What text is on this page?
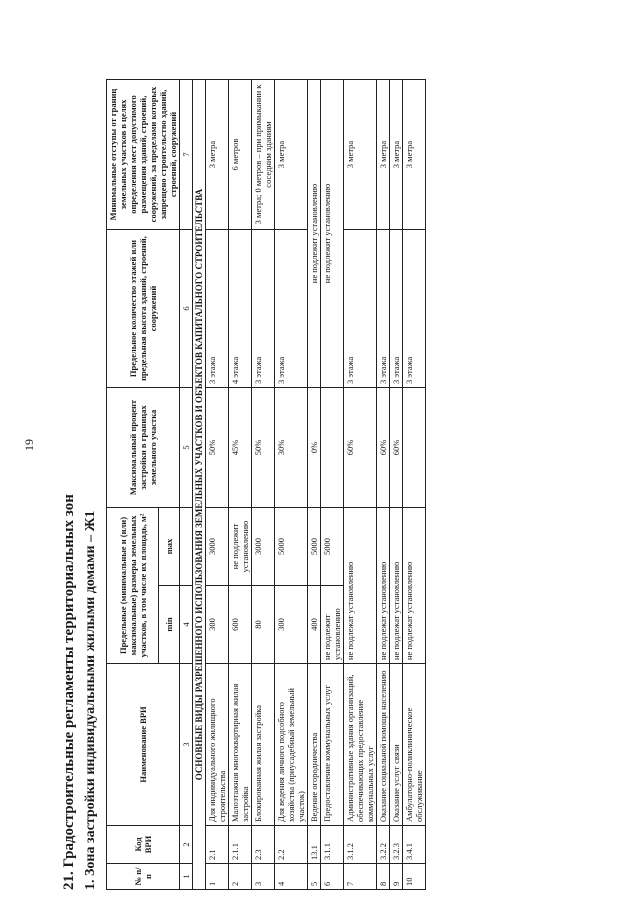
19
21. Градостроительные регламенты территориальных зон 1. Зона застройки индивидуальными жилыми домами – Ж1	№ п/п	Код ВРИ	Наименование ВРИ	Предельные (минимальные и (или) максимальные) размеры земельных участков, в том числе их площадь, м²		Максимальный процент застройки в границах земельного участка	Предельное количество этажей или предельная высота зданий, строений, сооружений	Минимальные отступы от границ земельных участков в целях определения мест допустимого размещения зданий, строений, сооружений, за пределами которых запрещено строительство зданий, строений, сооружений
			min	max			
1	2	3	4		5	6	7
ОСНОВНЫЕ ВИДЫ РАЗРЕШЕННОГО ИСПОЛЬЗОВАНИЯ ЗЕМЕЛЬНЫХ УЧАСТКОВ И ОБЪЕКТОВ КАПИТАЛЬНОГО СТРОИТЕЛЬСТВА							
1	2.1	Для индивидуального жилищного строительства	300	3000	50%	3 этажа	3 метра
2	2.1.1	Малоэтажная многоквартирная жилая застройка	600	не подлежит установлению	45%	4 этажа	6 метров
3	2.3	Блокированная жилая застройка	80	3000	50%	3 этажа	3 метра; 0 метров – при примыкании к соседним зданиям
4	2.2	Для ведения личного подсобного хозяйства (приусадебный земельный участок)	300	5000	30%	3 этажа	3 метра
5	13.1	Ведение огородничества	400	5000	0%	не подлежит установлению	
6	3.1.1	Предоставление коммунальных услуг	не подлежит установлению	5000		не подлежит установлению	
7	3.1.2	Административные здания организаций, обеспечивающих предоставление коммунальных услуг	не подлежат установлению		60%	3 этажа	3 метра
8	3.2.2	Оказание социальной помощи населению	не подлежат установлению		60%	3 этажа	3 метра
9	3.2.3	Оказание услуг связи	не подлежат установлению		60%	3 этажа	3 метра
10	3.4.1	Амбулаторно-поликлиническое обслуживание	не подлежат установлению			3 этажа	3 метра
